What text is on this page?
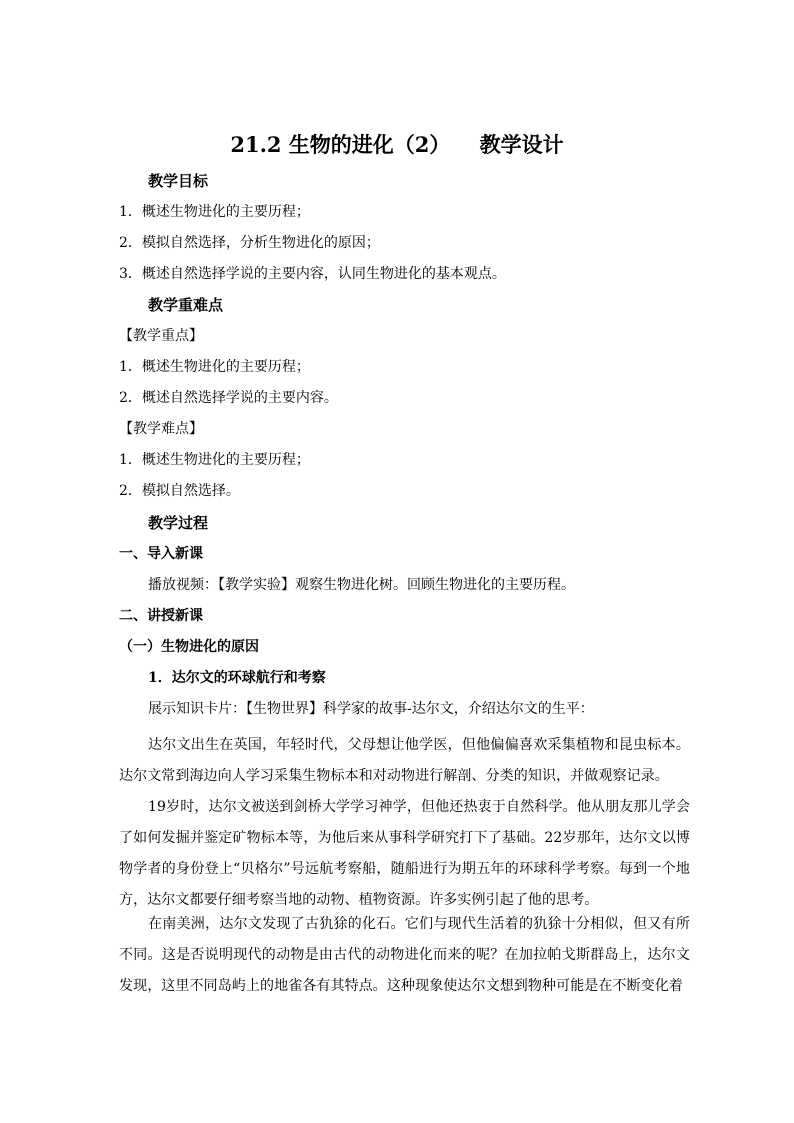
21.2 生物的进化（2）    教学设计
教学目标
1．概述生物进化的主要历程；
2．模拟自然选择，分析生物进化的原因；
3．概述自然选择学说的主要内容，认同生物进化的基本观点。
教学重难点
【教学重点】
1．概述生物进化的主要历程；
2．概述自然选择学说的主要内容。
【教学难点】
1．概述生物进化的主要历程；
2．模拟自然选择。
教学过程
一、导入新课
播放视频：【教学实验】观察生物进化树。回顾生物进化的主要历程。
二、讲授新课
（一）生物进化的原因
1．达尔文的环球航行和考察
展示知识卡片：【生物世界】科学家的故事-达尔文，介绍达尔文的生平：
达尔文出生在英国，年轻时代，父母想让他学医，但他偏偏喜欢采集植物和昆虫标本。达尔文常到海边向人学习采集生物标本和对动物进行解剖、分类的知识，并做观察记录。
19岁时，达尔文被送到剑桥大学学习神学，但他还热衷于自然科学。他从朋友那儿学会了如何发掘并鉴定矿物标本等，为他后来从事科学研究打下了基础。22岁那年，达尔文以博物学者的身份登上“贝格尔”号远航考察船，随船进行为期五年的环球科学考察。每到一个地方，达尔文都要仔细考察当地的动物、植物资源。许多实例引起了他的思考。
在南美洲，达尔文发现了古犰狳的化石。它们与现代生活着的犰狳十分相似，但又有所不同。这是否说明现代的动物是由古代的动物进化而来的呢？在加拉帕戈斯群岛上，达尔文发现，这里不同岛屿上的地雀各有其特点。这种现象使达尔文想到物种可能是在不断变化着
